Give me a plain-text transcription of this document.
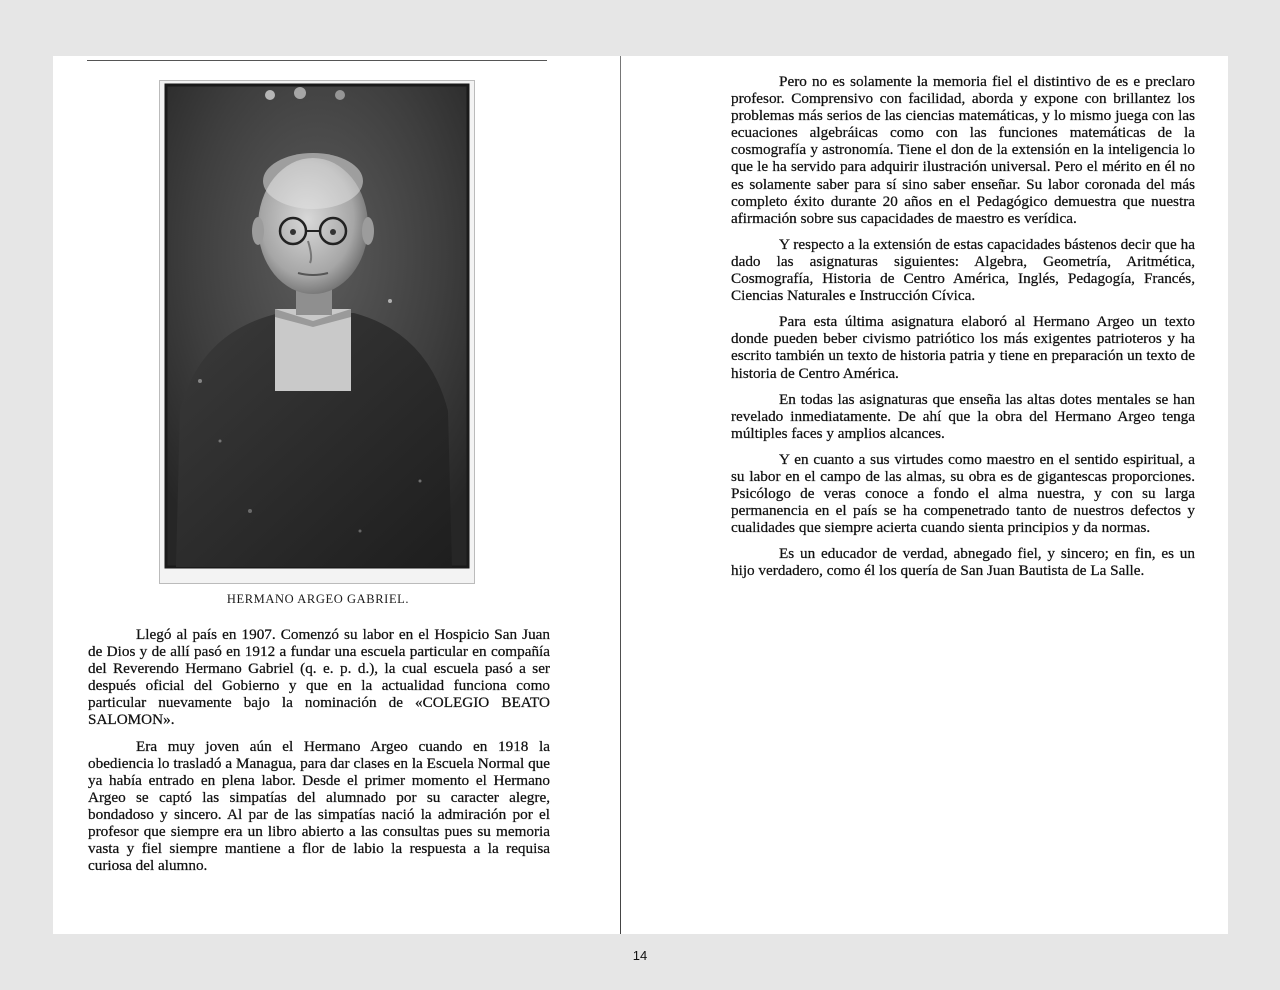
HERMANO ARGEO GABRIEL.

Llegó al país en 1907. Comenzó su labor en el Hospicio San Juan de Dios y de allí pasó en 1912 a fundar una escuela particular en compañía del Reverendo Hermano Gabriel (q. e. p. d.), la cual escuela pasó a ser después oficial del Gobierno y que en la actualidad funciona como particular nuevamente bajo la nominación de «COLEGIO BEATO SALOMON».

Era muy joven aún el Hermano Argeo cuando en 1918 la obediencia lo trasladó a Managua, para dar clases en la Escuela Normal que ya había entrado en plena labor. Desde el primer momento el Hermano Argeo se captó las simpatías del alumnado por su caracter alegre, bondadoso y sincero. Al par de las simpatías nació la admiración por el profesor que siempre era un libro abierto a las consultas pues su memoria vasta y fiel siempre mantiene a flor de labio la respuesta a la requisa curiosa del alumno.

Pero no es solamente la memoria fiel el distintivo de es e preclaro profesor. Comprensivo con facilidad, aborda y expone con brillantez los problemas más serios de las ciencias matemáticas, y lo mismo juega con las ecuaciones algebráicas como con las funciones matemáticas de la cosmografía y astronomía. Tiene el don de la extensión en la inteligencia lo que le ha servido para adquirir ilustración universal. Pero el mérito en él no es solamente saber para sí sino saber enseñar. Su labor coronada del más completo éxito durante 20 años en el Pedagógico demuestra que nuestra afirmación sobre sus capacidades de maestro es verídica.

Y respecto a la extensión de estas capacidades bástenos decir que ha dado las asignaturas siguientes: Algebra, Geometría, Aritmética, Cosmografía, Historia de Centro América, Inglés, Pedagogía, Francés, Ciencias Naturales e Instrucción Cívica.

Para esta última asignatura elaboró al Hermano Argeo un texto donde pueden beber civismo patriótico los más exigentes patrioteros y ha escrito también un texto de historia patria y tiene en preparación un texto de historia de Centro América.

En todas las asignaturas que enseña las altas dotes mentales se han revelado inmediatamente. De ahí que la obra del Hermano Argeo tenga múltiples faces y amplios alcances.

Y en cuanto a sus virtudes como maestro en el sentido espiritual, a su labor en el campo de las almas, su obra es de gigantescas proporciones. Psicólogo de veras conoce a fondo el alma nuestra, y con su larga permanencia en el país se ha compenetrado tanto de nuestros defectos y cualidades que siempre acierta cuando sienta principios y da normas.

Es un educador de verdad, abnegado fiel, y sincero; en fin, es un hijo verdadero, como él los quería de San Juan Bautista de La Salle.

14
